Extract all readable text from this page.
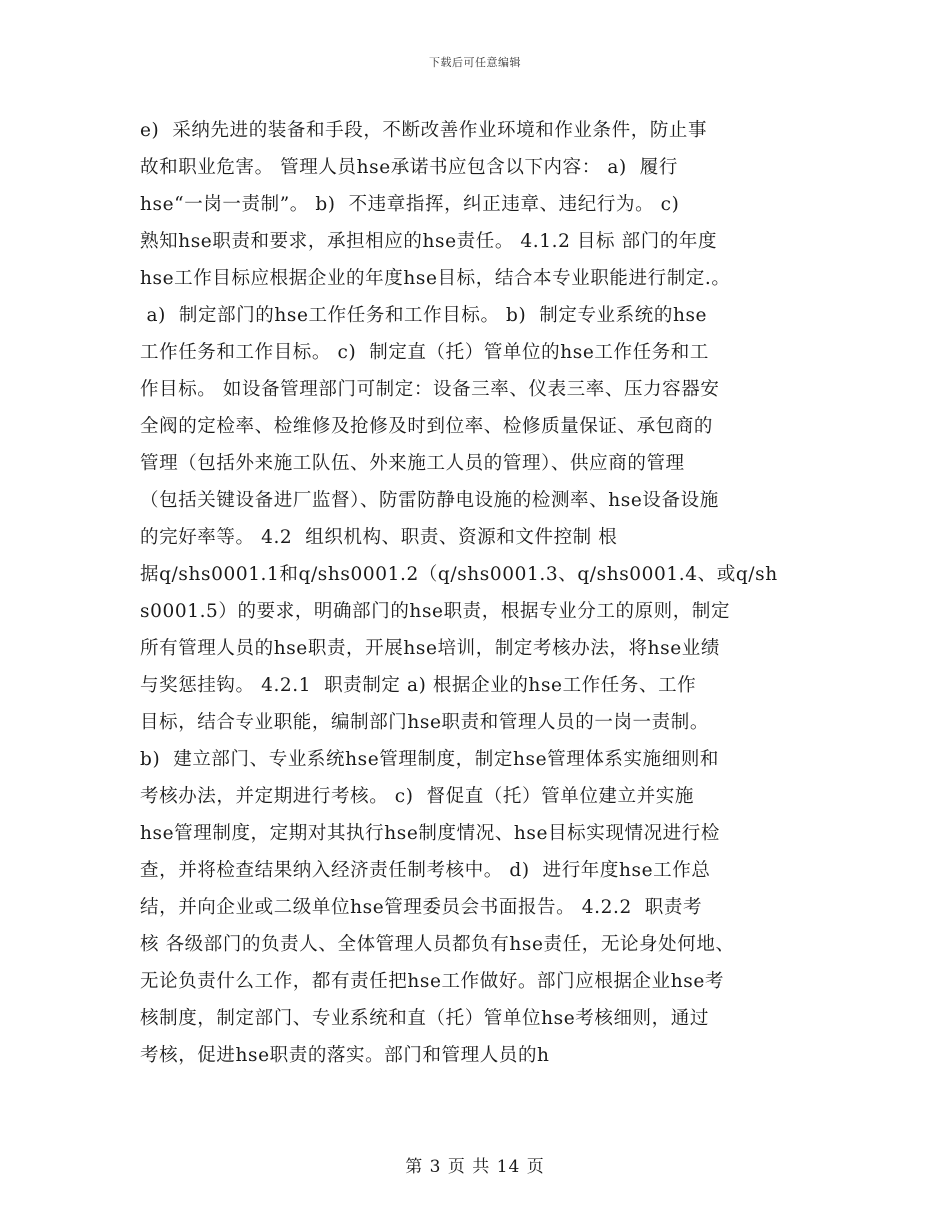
下载后可任意编辑
e)  采纳先进的装备和手段，不断改善作业环境和作业条件，防止事
故和职业危害。 管理人员hse承诺书应包含以下内容： a)  履行
hse“一岗一责制”。 b)  不违章指挥，纠正违章、违纪行为。 c)
熟知hse职责和要求，承担相应的hse责任。 4.1.2 目标 部门的年度
hse工作目标应根据企业的年度hse目标，结合本专业职能进行制定.。
a)  制定部门的hse工作任务和工作目标。 b)  制定专业系统的hse
工作任务和工作目标。 c)  制定直（托）管单位的hse工作任务和工
作目标。 如设备管理部门可制定：设备三率、仪表三率、压力容器安
全阀的定检率、检维修及抢修及时到位率、检修质量保证、承包商的
管理（包括外来施工队伍、外来施工人员的管理）、供应商的管理
（包括关键设备进厂监督）、防雷防静电设施的检测率、hse设备设施
的完好率等。 4.2  组织机构、职责、资源和文件控制 根
据q/shs0001.1和q/shs0001.2（q/shs0001.3、q/shs0001.4、或q/sh
s0001.5）的要求，明确部门的hse职责，根据专业分工的原则，制定
所有管理人员的hse职责，开展hse培训，制定考核办法，将hse业绩
与奖惩挂钩。 4.2.1  职责制定 a) 根据企业的hse工作任务、工作
目标，结合专业职能，编制部门hse职责和管理人员的一岗一责制。
b)  建立部门、专业系统hse管理制度，制定hse管理体系实施细则和
考核办法，并定期进行考核。 c)  督促直（托）管单位建立并实施
hse管理制度，定期对其执行hse制度情况、hse目标实现情况进行检
查，并将检查结果纳入经济责任制考核中。 d)  进行年度hse工作总
结，并向企业或二级单位hse管理委员会书面报告。 4.2.2  职责考
核 各级部门的负责人、全体管理人员都负有hse责任，无论身处何地、
无论负责什么工作，都有责任把hse工作做好。部门应根据企业hse考
核制度，制定部门、专业系统和直（托）管单位hse考核细则，通过
考核，促进hse职责的落实。部门和管理人员的h
第 3 页 共 14 页
